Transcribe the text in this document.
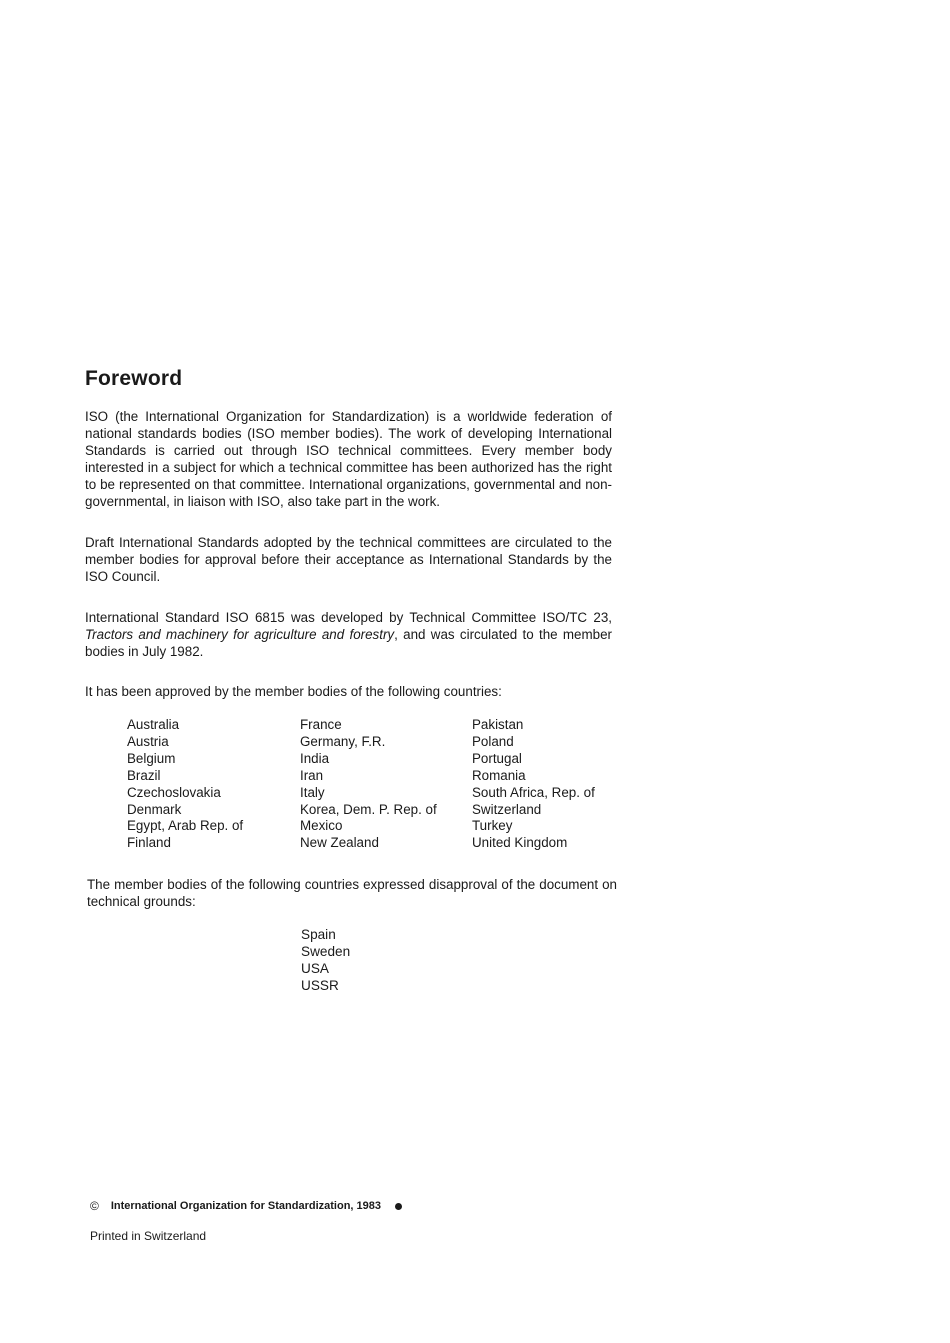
Foreword

ISO (the International Organization for Standardization) is a worldwide federation of national standards bodies (ISO member bodies). The work of developing International Standards is carried out through ISO technical committees. Every member body interested in a subject for which a technical committee has been authorized has the right to be represented on that committee. International organizations, governmental and non-governmental, in liaison with ISO, also take part in the work.

Draft International Standards adopted by the technical committees are circulated to the member bodies for approval before their acceptance as International Standards by the ISO Council.

International Standard ISO 6815 was developed by Technical Committee ISO/TC 23, Tractors and machinery for agriculture and forestry, and was circulated to the member bodies in July 1982.

It has been approved by the member bodies of the following countries:

Australia
Austria
Belgium
Brazil
Czechoslovakia
Denmark
Egypt, Arab Rep. of
Finland
France
Germany, F.R.
India
Iran
Italy
Korea, Dem. P. Rep. of
Mexico
New Zealand
Pakistan
Poland
Portugal
Romania
South Africa, Rep. of
Switzerland
Turkey
United Kingdom

The member bodies of the following countries expressed disapproval of the document on technical grounds:

Spain
Sweden
USA
USSR
© International Organization for Standardization, 1983
Printed in Switzerland
